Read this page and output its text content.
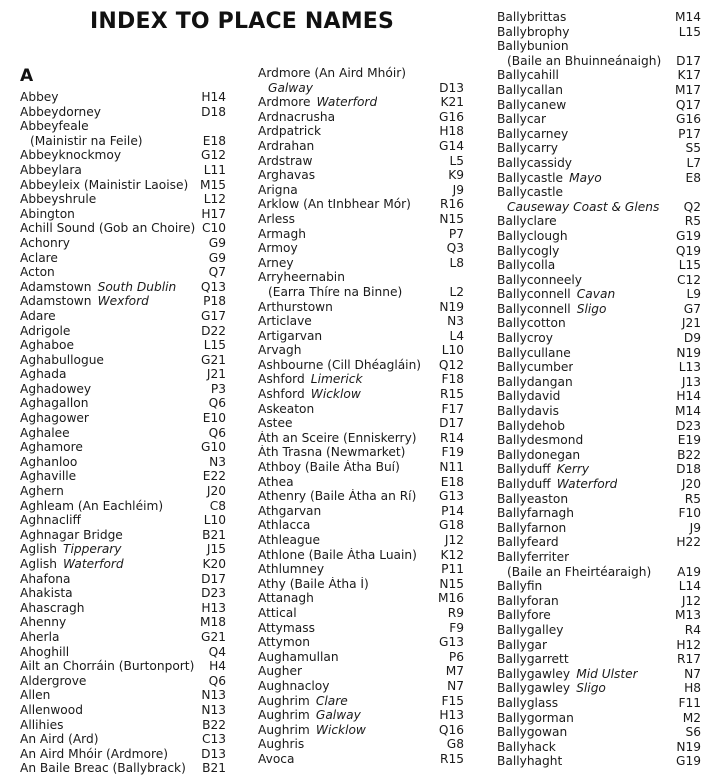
INDEX TO PLACE NAMES
A
Abbey	H14
Abbeydorney	D18
Abbeyfeale
(Mainistir na Feile)	E18
Abbeyknockmoy	G12
Abbeylara	L11
Abbeyleix (Mainistir Laoise) M15
Abbeyshrule	L12
Abington	H17
Achill Sound (Gob an Choire) C10
Achonry	G9
Aclare	G9
Acton	Q7
Adamstown South Dublin	Q13
Adamstown Wexford	P18
Adare	G17
Adrigole	D22
Aghaboe	L15
Aghabullogue	G21
Aghada	J21
Aghadowey	P3
Aghagallon	Q6
Aghagower	E10
Aghalee	Q6
Aghamore	G10
Aghanloo	N3
Aghaville	E22
Aghern	J20
Aghleam (An Eachléim)	C8
Aghnacliff	L10
Aghnagar Bridge	B21
Aglish Tipperary	J15
Aglish Waterford	K20
Ahafona	D17
Ahakista	D23
Ahascragh	H13
Ahenny	M18
Aherla	G21
Ahoghill	Q4
Ailt an Chorráin (Burtonport)	H4
Aldergrove	Q6
Allen	N13
Allenwood	N13
Allihies	B22
An Aird (Ard)	C13
An Aird Mhóir (Ardmore)	D13
An Baile Breac (Ballybrack)	B21
Ardmore (An Aird Mhóir)
Galway	D13
Ardmore Waterford	K21
Ardnacrusha	G16
Ardpatrick	H18
Ardrahan	G14
Ardstraw	L5
Arghavas	K9
Arigna	J9
Arklow (An tInbhear Mór)	R16
Arless	N15
Armagh	P7
Armoy	Q3
Arney	L8
Arryheernabin
(Earra Thíre na Binne)	L2
Arthurstown	N19
Articlave	N3
Artigarvan	L4
Arvagh	L10
Ashbourne (Cill Dhéagláin)	Q12
Ashford Limerick	F18
Ashford Wicklow	R15
Askeaton	F17
Astee	D17
Áth an Sceire (Enniskerry)	R14
Áth Trasna (Newmarket)	F19
Athboy (Baile Átha Buí)	N11
Athea	E18
Athenry (Baile Átha an Rí)	G13
Athgarvan	P14
Athlacca	G18
Athleague	J12
Athlone (Baile Átha Luain)	K12
Athlumney	P11
Athy (Baile Átha Í)	N15
Attanagh	M16
Attical	R9
Attymass	F9
Attymon	G13
Aughamullan	P6
Augher	M7
Aughnacloy	N7
Aughrim Clare	F15
Aughrim Galway	H13
Aughrim Wicklow	Q16
Aughris	G8
Avoca	R15
Ballybrittas	M14
Ballybrophy	L15
Ballybunion
(Baile an Bhuinneánaigh)	D17
Ballycahill	K17
Ballycallan	M17
Ballycanew	Q17
Ballycar	G16
Ballycarney	P17
Ballycarry	S5
Ballycassidy	L7
Ballycastle Mayo	E8
Ballycastle
Causeway Coast & Glens	Q2
Ballyclare	R5
Ballyclough	G19
Ballycogly	Q19
Ballycolla	L15
Ballyconneely	C12
Ballyconnell Cavan	L9
Ballyconnell Sligo	G7
Ballycotton	J21
Ballycroy	D9
Ballycullane	N19
Ballycumber	L13
Ballydangan	J13
Ballydavid	H14
Ballydavis	M14
Ballydehob	D23
Ballydesmond	E19
Ballydonegan	B22
Ballyduff Kerry	D18
Ballyduff Waterford	J20
Ballyeaston	R5
Ballyfarnagh	F10
Ballyfarnon	J9
Ballyfeard	H22
Ballyferriter
(Baile an Fheirtéaraigh)	A19
Ballyfin	L14
Ballyforan	J12
Ballyfore	M13
Ballygalley	R4
Ballygar	H12
Ballygarrett	R17
Ballygawley Mid Ulster	N7
Ballygawley Sligo	H8
Ballyglass	F11
Ballygorman	M2
Ballygowan	S6
Ballyhack	N19
Ballyhaght	G19
